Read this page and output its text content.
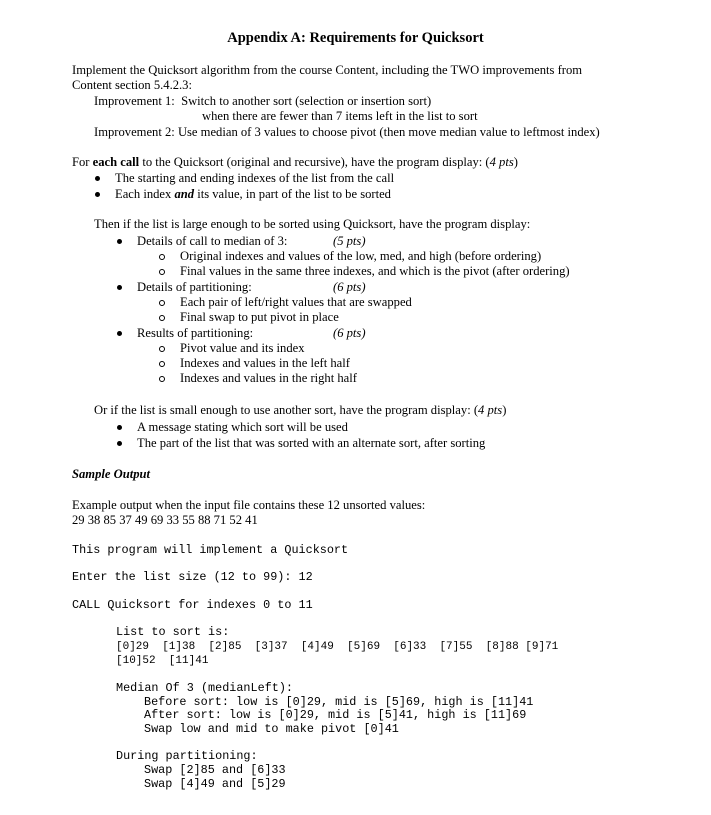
Appendix A: Requirements for Quicksort
Implement the Quicksort algorithm from the course Content, including the TWO improvements from
Content section 5.4.2.3:
Improvement 1:  Switch to another sort (selection or insertion sort)
when there are fewer than 7 items left in the list to sort
Improvement 2: Use median of 3 values to choose pivot (then move median value to leftmost index)
For each call to the Quicksort (original and recursive), have the program display: (4 pts)
The starting and ending indexes of the list from the call
Each index and its value, in part of the list to be sorted
Then if the list is large enough to be sorted using Quicksort, have the program display:
Details of call to median of 3:	(5 pts)
Original indexes and values of the low, med, and high (before ordering)
Final values in the same three indexes, and which is the pivot (after ordering)
Details of partitioning:	(6 pts)
Each pair of left/right values that are swapped
Final swap to put pivot in place
Results of partitioning:	(6 pts)
Pivot value and its index
Indexes and values in the left half
Indexes and values in the right half
Or if the list is small enough to use another sort, have the program display: (4 pts)
A message stating which sort will be used
The part of the list that was sorted with an alternate sort, after sorting
Sample Output
Example output when the input file contains these 12 unsorted values:
29 38 85 37 49 69 33 55 88 71 52 41
This program will implement a Quicksort
Enter the list size (12 to 99): 12
CALL Quicksort for indexes 0 to 11
List to sort is:
[0]29  [1]38  [2]85  [3]37  [4]49  [5]69  [6]33  [7]55  [8]88 [9]71
[10]52  [11]41
Median Of 3 (medianLeft):
Before sort: low is [0]29, mid is [5]69, high is [11]41
After sort: low is [0]29, mid is [5]41, high is [11]69
Swap low and mid to make pivot [0]41
During partitioning:
Swap [2]85 and [6]33
Swap [4]49 and [5]29
